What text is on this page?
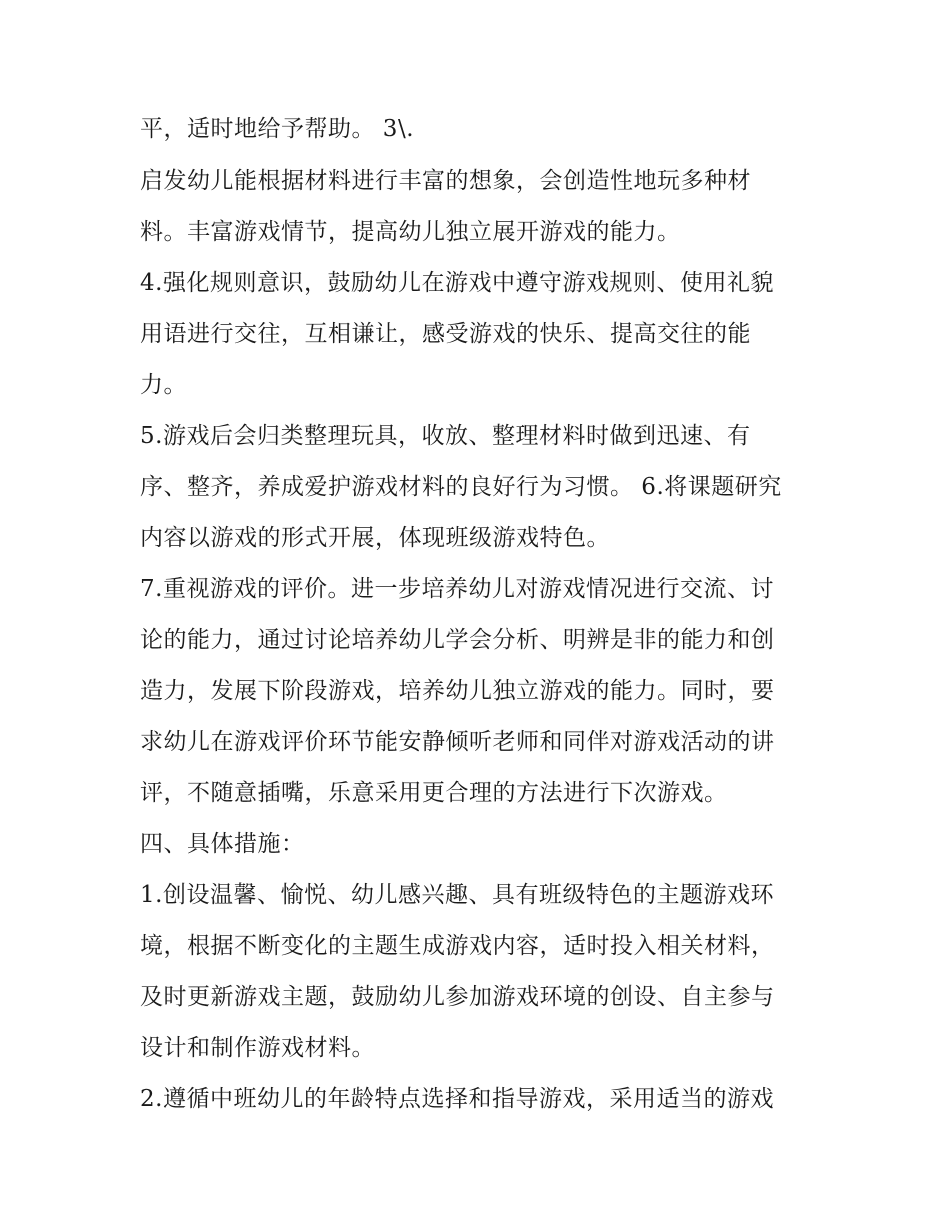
平，适时地给予帮助。 3\.
启发幼儿能根据材料进行丰富的想象，会创造性地玩多种材
料。丰富游戏情节，提高幼儿独立展开游戏的能力。
4.强化规则意识，鼓励幼儿在游戏中遵守游戏规则、使用礼貌
用语进行交往，互相谦让，感受游戏的快乐、提高交往的能
力。
5.游戏后会归类整理玩具，收放、整理材料时做到迅速、有
序、整齐，养成爱护游戏材料的良好行为习惯。 6.将课题研究
内容以游戏的形式开展，体现班级游戏特色。
7.重视游戏的评价。进一步培养幼儿对游戏情况进行交流、讨
论的能力，通过讨论培养幼儿学会分析、明辨是非的能力和创
造力，发展下阶段游戏，培养幼儿独立游戏的能力。同时，要
求幼儿在游戏评价环节能安静倾听老师和同伴对游戏活动的讲
评，不随意插嘴，乐意采用更合理的方法进行下次游戏。
四、具体措施：
1.创设温馨、愉悦、幼儿感兴趣、具有班级特色的主题游戏环
境，根据不断变化的主题生成游戏内容，适时投入相关材料，
及时更新游戏主题，鼓励幼儿参加游戏环境的创设、自主参与
设计和制作游戏材料。
2.遵循中班幼儿的年龄特点选择和指导游戏，采用适当的游戏
